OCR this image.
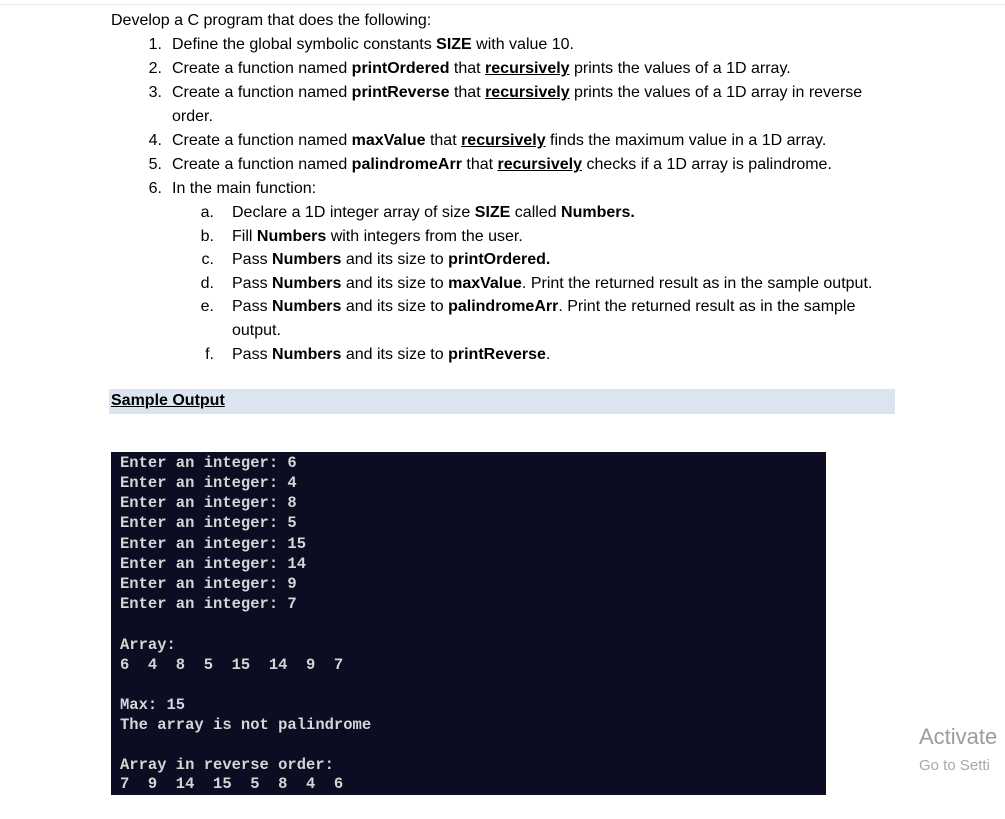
Develop a C program that does the following:
1. Define the global symbolic constants SIZE with value 10.
2. Create a function named printOrdered that recursively prints the values of a 1D array.
3. Create a function named printReverse that recursively prints the values of a 1D array in reverse
order.
4. Create a function named maxValue that recursively finds the maximum value in a 1D array.
5. Create a function named palindromeArr that recursively checks if a 1D array is palindrome.
6. In the main function:
a. Declare a 1D integer array of size SIZE called Numbers.
b. Fill Numbers with integers from the user.
c. Pass Numbers and its size to printOrdered.
d. Pass Numbers and its size to maxValue. Print the returned result as in the sample output.
e. Pass Numbers and its size to palindromeArr. Print the returned result as in the sample
output.
f. Pass Numbers and its size to printReverse.
Sample Output
Enter an integer: 6
Enter an integer: 4
Enter an integer: 8
Enter an integer: 5
Enter an integer: 15
Enter an integer: 14
Enter an integer: 9
Enter an integer: 7
Array:
6  4  8  5  15  14  9  7
Max: 15
The array is not palindrome
Array in reverse order:
7  9  14  15  5  8  4  6
Activate
Go to Setti
